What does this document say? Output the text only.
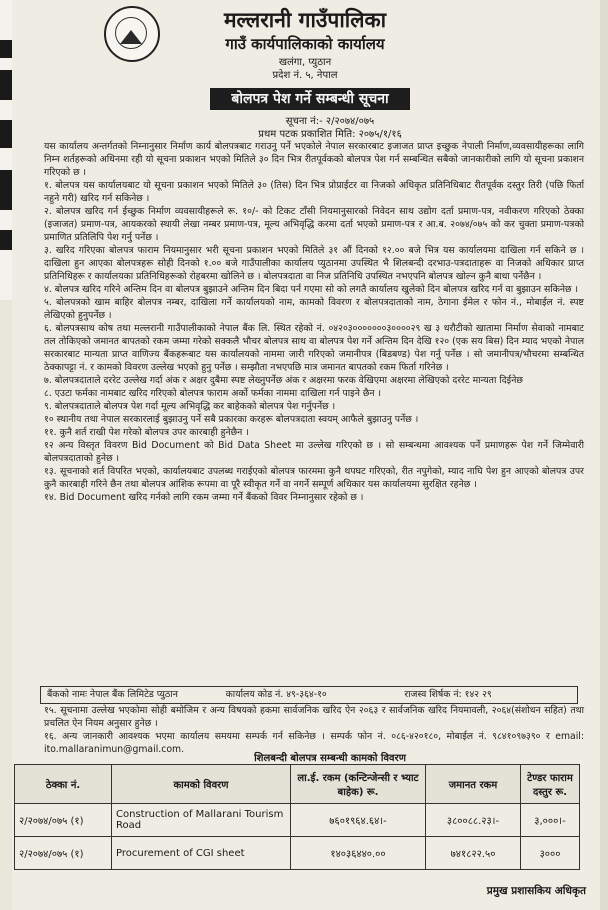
मल्लरानी गाउँपालिका
गाउँ कार्यपालिकाको कार्यालय
खलंगा, प्युठान
प्रदेश नं. ५, नेपाल
बोलपत्र पेश गर्ने सम्बन्धी सूचना
सूचना नं:- २/२०७४/०७५
प्रथम पटक प्रकाशित मिति: २०७५/१/१६

यस कार्यालय अन्तर्गतको निम्नानुसार निर्माण कार्य बोलपत्रबाट गराउनु पर्ने भएकोले नेपाल सरकारबाट इजाजत प्राप्त इच्छुक नेपाली निर्माण,व्यवसायीहरूका लागि निम्न शर्तहरूको अधिनमा रही यो सूचना प्रकाशन भएको मितिले ३० दिन भित्र रीतपूर्वकको बोलपत्र पेश गर्न सम्बन्धित सबैको जानकारीको लागि यो सूचना प्रकाशन गरिएको छ ।

१. बोलपत्र यस कार्यालयबाट यो सूचना प्रकाशन भएको मितिले ३० (तिस) दिन भित्र प्रोप्राईटर वा निजको अधिकृत प्रतिनिधिबाट रीतपूर्वक दस्तुर तिरी (पछि फिर्ता नहुने गरी) खरिद गर्न सकिनेछ ।

२. बोलपत्र खरिद गर्न ईच्छुक निर्माण व्यवसायीहरूले रू. १०/- को टिकट टाँसी नियमानुसारको निवेदन साथ उद्योग दर्ता प्रमाण-पत्र, नवीकरण गरिएको ठेक्का (इजाजत) प्रमाण-पत्र, आयकरको स्थायी लेखा नम्बर प्रमाण-पत्र, मूल्य अभिवृद्धि करमा दर्ता भएको प्रमाण-पत्र र आ.ब. २०७४/०७५ को कर चुक्ता प्रमाण-पत्रको प्रमाणित प्रतिलिपि पेश गर्नु पर्नेछ ।

३. खरिद गरिएका बोलपत्र फाराम नियमानुसार भरी सूचना प्रकाशन भएको मितिले ३१ औं दिनको १२.०० बजे भित्र यस कार्यालयमा दाखिला गर्न सकिने छ । दाखिला हुन आएका बोलपत्रहरू सोही दिनको १.०० बजे गाउँपालीका कार्यालय प्युठानमा उपस्थित भै शिलबन्दी दरभाउ-पत्रदाताहरू वा निजको अधिकार प्राप्त प्रतिनिधिहरू र कार्यालयका प्रतिनिधिहरूको रोहबरमा खोलिने छ । बोलपत्रदाता वा निज प्रतिनिधि उपस्थित नभएपनि बोलपत्र खोल्न कुनै बाधा पर्नेछैन ।

४. बोलपत्र खरिद गरिने अन्तिम दिन वा बोलपत्र बुझाउने अन्तिम दिन बिदा पर्न गएमा सो को लगतै कार्यालय खुलेको दिन बोलपत्र खरिद गर्न वा बुझाउन सकिनेछ ।

५. बोलपत्रको खाम बाहिर बोलपत्र नम्बर, दाखिला गर्ने कार्यालयको नाम, कामको विवरण र बोलपत्रदाताको नाम, ठेगाना ईमेल र फोन नं., मोबाईल नं. स्पष्ट लेखिएको हुनुपर्नेछ ।

६. बोलपत्रसाथ कोष तथा मल्लरानी गाउँपालीकाको नेपाल बैंक लि. स्थित रहेको नं. ०४२०३०००००००३००००२९ ख ३ धरौटीको खातामा निर्माण सेवाको नामबाट तल तोकिएको जमानत बापतको रकम जम्मा गरेको सक्कलै भौचर बोलपत्र साथ वा बोलपत्र पेश गर्ने अन्तिम दिन देखि १२० (एक सय बिस) दिन म्याद भएको नेपाल सरकारबाट मान्यता प्राप्त वाणिज्य बैंकहरूबाट यस कार्यालयको नाममा जारी गरिएको जमानीपत्र (बिडबण्ड) पेश गर्नु पर्नेछ । सो जमानीपत्र/भौचरमा सम्बन्धित ठेक्कापट्टा नं. र कामको विवरण उल्लेख भएको हुनु पर्नेछ । सम्झौता नभएपछि मात्र जमानत बापतको रकम फिर्ता गरिनेछ ।

७. बोलपत्रदाताले दररेट उल्लेख गर्दा अंक र अक्षर दुबैमा स्पष्ट लेख्नुपर्नेछ अंक र अक्षरमा फरक वेखिएमा अक्षरमा लेखिएको दररेट मान्यता दिईनेछ

८. एउटा फर्मका नामबाट खरिद गरिएको बोलपत्र फाराम अर्को फर्मका नाममा दाखिला गर्न पाइने छैन ।

९. बोलपत्रदाताले बोलपत्र पेश गर्दा मूल्य अभिवृद्धि कर बाहेकको बोलपत्र पेश गर्नुपर्नेछ ।

१० स्थानीय तथा नेपाल सरकारलाई बुझाउनु पर्ने सबै प्रकारका करहरू बोलपत्रदाता स्वयम् आफैले बुझाउनु पर्नेछ ।

११. कुनै शर्त राखी पेश गरेको बोलपत्र उपर कारबाही हुनेछैन ।

१२ अन्य विस्तृत विवरण Bid Document को Bid Data Sheet मा उल्लेख गरिएको छ । सो सम्बन्धमा आवश्यक पर्ने प्रमाणहरू पेश गर्ने जिम्मेवारी बोलपत्रदाताको हुनेछ ।

१३. सूचनाको शर्त विपरित भएको, कार्यालयबाट उपलब्ध गराईएको बोलपत्र फारममा कुनै थपघट गरिएको, रीत नपुगेको, म्याद नाघि पेश हुन आएको बोलपत्र उपर कुनै कारबाही गरिने छैन तथा बोलपत्र आंशिक रूपमा वा पूरै स्वीकृत गर्ने वा नगर्ने सम्पूर्ण अधिकार यस कार्यालयमा सुरक्षित रहनेछ ।

१४. Bid Document खरिद गर्नको लागि रकम जम्मा गर्ने बैंकको विवर निम्नानुसार रहेको छ ।

बैंकको नामः नेपाल बैंक लिमिटेड प्युठान	कार्यालय कोड नं. ४९-३६४-१०	राजस्व शिर्षक नं: १४२ २९

१५. सूचनामा उल्लेख भएकोमा सोही बमोजिम र अन्य विषयको हकमा सार्वजनिक खरिद ऐन २०६३ र सार्वजनिक खरिद नियमावली, २०६४(संशोधन सहित) तथा प्रचलित ऐन नियम अनुसार हुनेछ ।

१६. अन्य जानकारी आवश्यक भएमा कार्यालय समयमा सम्पर्क गर्न सकिनेछ । सम्पर्क फोन नं. ०८६-४२०१८०, मोबाईल नं. ९८४१०९७३९० र email: ito.mallaranimun@gmail.com.

शिलबन्दी बोलपत्र सम्बन्धी कामको विवरण
ठेक्का नं.	कामको विवरण	ला.ई. रकम (कन्टिन्जेन्सी र भ्याट बाहेक) रू.	जमानत रकम	टेण्डर फाराम दस्तुर रू.
२/२०७४/०७५ (१)	Construction of Mallarani Tourism Road	७६०१९६४.६४।-	३८००८८.२३।-	३,०००।-
२/२०७४/०७५ (१)	Procurement of CGI sheet	१४०३६४४०.००	७४१८२२.५०	३०००
प्रमुख प्रशासकिय अधिकृत
